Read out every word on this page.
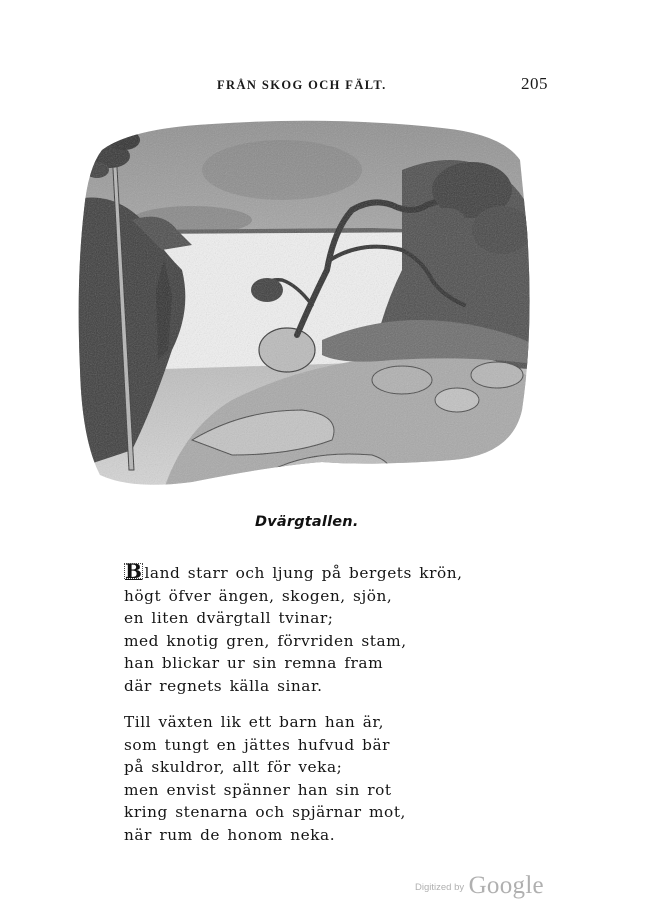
FRÅN SKOG OCH FÄLT.	205
Dvärgtallen.
B land starr och ljung på bergets krön,
högt öfver ängen, skogen, sjön,
en liten dvärgtall tvinar;
med knotig gren, förvriden stam,
han blickar ur sin remna fram
där regnets källa sinar.
Till växten lik ett barn han är,
som tungt en jättes hufvud bär
på skuldror, allt för veka;
men envist spänner han sin rot
kring stenarna och spjärnar mot,
när rum de honom neka.
Digitized by Google
